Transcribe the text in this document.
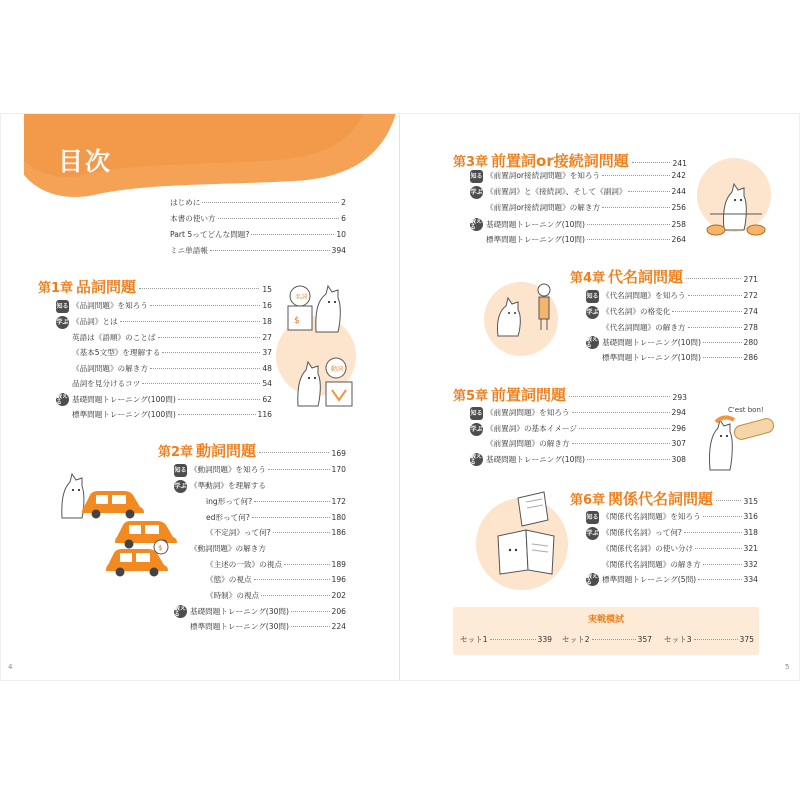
目次
はじめに	2
本書の使い方	6
Part 5ってどんな問題?	10
ミニ単語帳	394
第1章 品詞問題	15
知る 《品詞問題》を知ろう	16
学ぶ 《品詞》とは	18
英語は《語順》のことば	27
《基本5文型》を理解する	37
《品詞問題》の解き方	48
品詞を見分けるコツ	54
鍛える	基礎問題トレーニング(100問)	62
標準問題トレーニング(100問)	116
$
名詞
動詞
第2章 動詞問題	169
知る 《動詞問題》を知ろう	170
学ぶ 《準動詞》を理解する
ing形って何?	172
ed形って何?	180
《不定詞》って何?	186
《動詞問題》の解き方
《主述の一致》の視点	189
《態》の視点	196
《時制》の視点	202
鍛える	基礎問題トレーニング(30問)	206
標準問題トレーニング(30問)	224
$
4
第3章 前置詞or接続詞問題	241
知る 《前置詞or接続詞問題》を知ろう	242
学ぶ 《前置詞》と《接続詞》、そして《副詞》	244
《前置詞or接続詞問題》の解き方	256
鍛える	基礎問題トレーニング(10問)	258
標準問題トレーニング(10問)	264
第4章 代名詞問題	271
知る 《代名詞問題》を知ろう	272
学ぶ 《代名詞》の格変化	274
《代名詞問題》の解き方	278
鍛える	基礎問題トレーニング(10問)	280
標準問題トレーニング(10問)	286
第5章 前置詞問題	293
知る 《前置詞問題》を知ろう	294
学ぶ 《前置詞》の基本イメージ	296
《前置詞問題》の解き方	307
鍛える	基礎問題トレーニング(10問)	308
C'est bon!
第6章 関係代名詞問題	315
知る 《関係代名詞問題》を知ろう	316
学ぶ 《関係代名詞》って何?	318
《関係代名詞》の使い分け	321
《関係代名詞問題》の解き方	332
鍛える	標準問題トレーニング(5問)	334
実戦模試
セット1	339 セット2	357 セット3	375
5
